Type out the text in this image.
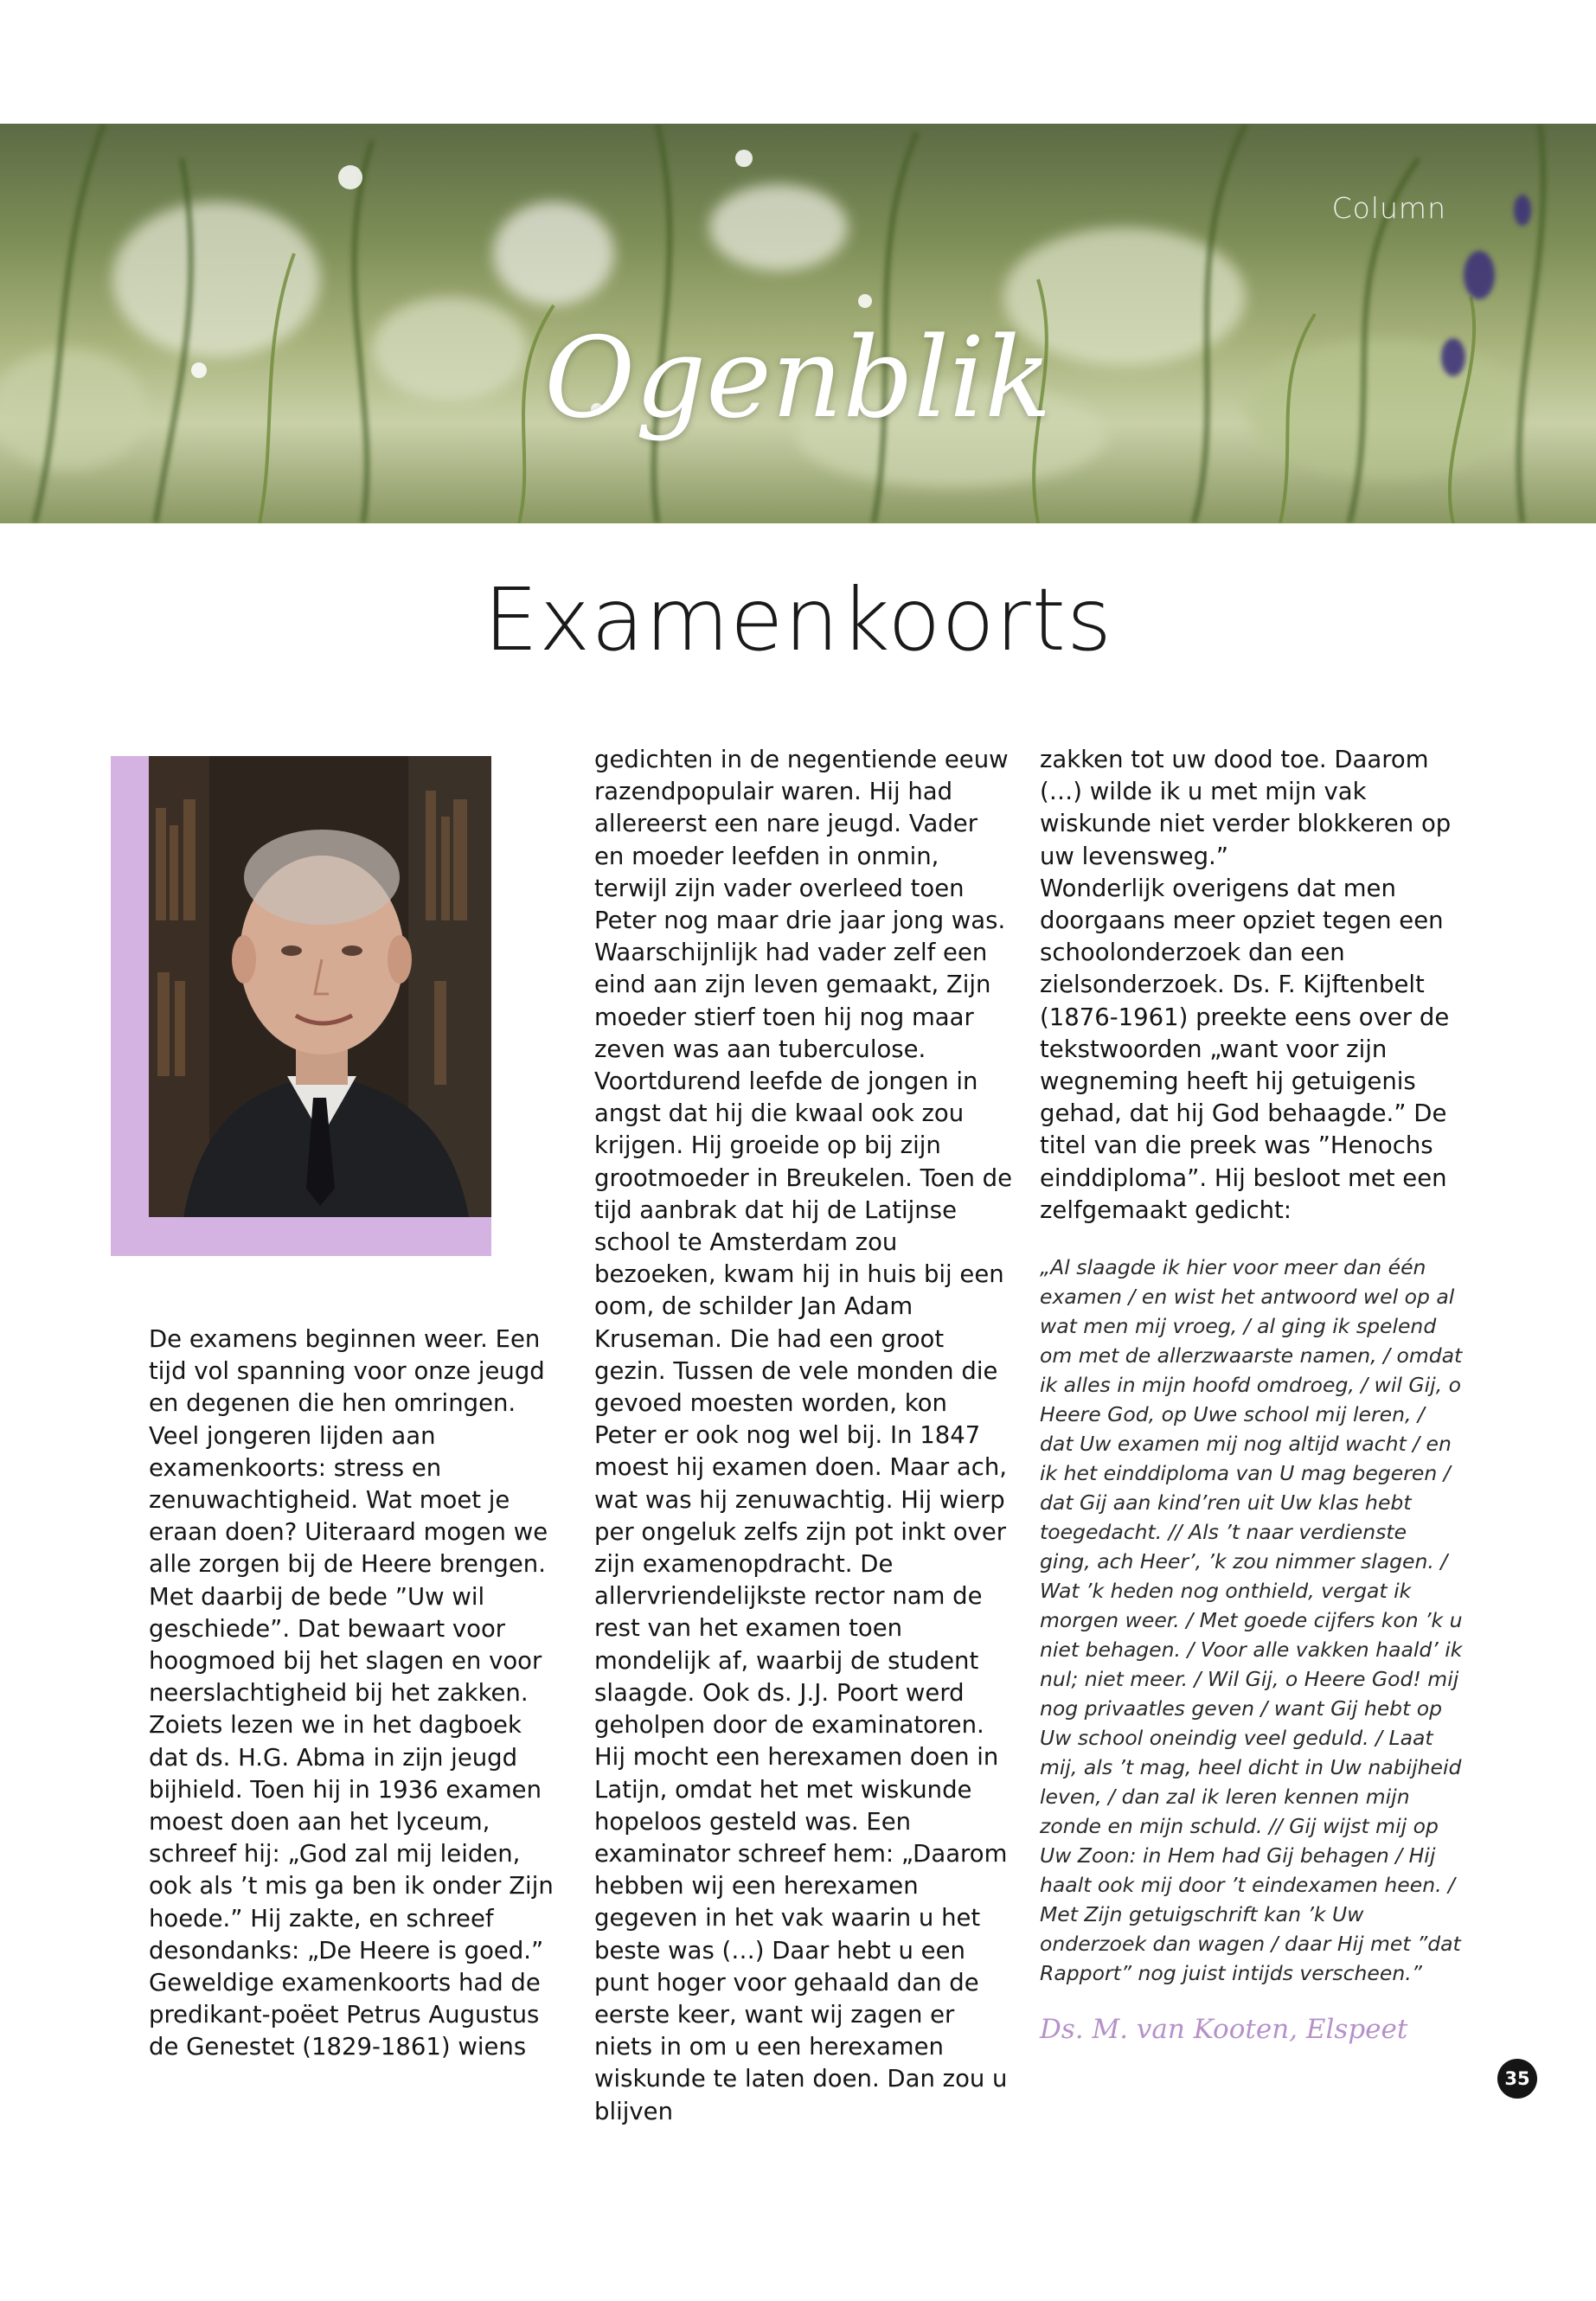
Column
Ogenblik
Examenkoorts

De examens beginnen weer. Een tijd vol spanning voor onze jeugd en degenen die hen omringen. Veel jongeren lijden aan examenkoorts: stress en zenuwachtigheid. Wat moet je eraan doen? Uiteraard mogen we alle zorgen bij de Heere brengen. Met daarbij de bede ”Uw wil geschiede”. Dat bewaart voor hoogmoed bij het slagen en voor neerslachtigheid bij het zakken. Zoiets lezen we in het dagboek dat ds. H.G. Abma in zijn jeugd bijhield. Toen hij in 1936 examen moest doen aan het lyceum, schreef hij: „God zal mij leiden, ook als ’t mis ga ben ik onder Zijn hoede.” Hij zakte, en schreef desondanks: „De Heere is goed.”

Geweldige examenkoorts had de predikant-poëet Petrus Augustus de Genestet (1829-1861) wiens

gedichten in de negentiende eeuw razendpopulair waren. Hij had allereerst een nare jeugd. Vader en moeder leefden in onmin, terwijl zijn vader overleed toen Peter nog maar drie jaar jong was. Waarschijnlijk had vader zelf een eind aan zijn leven gemaakt, Zijn moeder stierf toen hij nog maar zeven was aan tuberculose. Voortdurend leefde de jongen in angst dat hij die kwaal ook zou krijgen. Hij groeide op bij zijn grootmoeder in Breukelen. Toen de tijd aanbrak dat hij de Latijnse school te Amsterdam zou bezoeken, kwam hij in huis bij een oom, de schilder Jan Adam Kruseman. Die had een groot gezin. Tussen de vele monden die gevoed moesten worden, kon Peter er ook nog wel bij. In 1847 moest hij examen doen. Maar ach, wat was hij zenuwachtig. Hij wierp per ongeluk zelfs zijn pot inkt over zijn examenopdracht. De allervriendelijkste rector nam de rest van het examen toen mondelijk af, waarbij de student slaagde. Ook ds. J.J. Poort werd geholpen door de examinatoren. Hij mocht een herexamen doen in Latijn, omdat het met wiskunde hopeloos gesteld was. Een examinator schreef hem: „Daarom hebben wij een herexamen gegeven in het vak waarin u het beste was (…) Daar hebt u een punt hoger voor gehaald dan de eerste keer, want wij zagen er niets in om u een herexamen wiskunde te laten doen. Dan zou u blijven

zakken tot uw dood toe. Daarom (…) wilde ik u met mijn vak wiskunde niet verder blokkeren op uw levensweg.”

Wonderlijk overigens dat men doorgaans meer opziet tegen een schoolonderzoek dan een zielsonderzoek. Ds. F. Kijftenbelt (1876-1961) preekte eens over de tekstwoorden „want voor zijn wegneming heeft hij getuigenis gehad, dat hij God behaagde.” De titel van die preek was ”Henochs einddiploma”. Hij besloot met een zelfgemaakt gedicht:

„Al slaagde ik hier voor meer dan één examen / en wist het antwoord wel op al wat men mij vroeg, / al ging ik spelend om met de allerzwaarste namen, / omdat ik alles in mijn hoofd omdroeg, / wil Gij, o Heere God, op Uwe school mij leren, / dat Uw examen mij nog altijd wacht / en ik het einddiploma van U mag begeren / dat Gij aan kind’ren uit Uw klas hebt toegedacht. // Als ’t naar verdienste ging, ach Heer’, ’k zou nimmer slagen. / Wat ’k heden nog onthield, vergat ik morgen weer. / Met goede cijfers kon ’k u niet behagen. / Voor alle vakken haald’ ik nul; niet meer. / Wil Gij, o Heere God! mij nog privaatles geven / want Gij hebt op Uw school oneindig veel geduld. / Laat mij, als ’t mag, heel dicht in Uw nabijheid leven, / dan zal ik leren kennen mijn zonde en mijn schuld. // Gij wijst mij op Uw Zoon: in Hem had Gij behagen / Hij haalt ook mij door ’t eindexamen heen. / Met Zijn getuigschrift kan ’k Uw onderzoek dan wagen / daar Hij met ”dat Rapport” nog juist intijds verscheen.”

Ds. M. van Kooten, Elspeet

35
